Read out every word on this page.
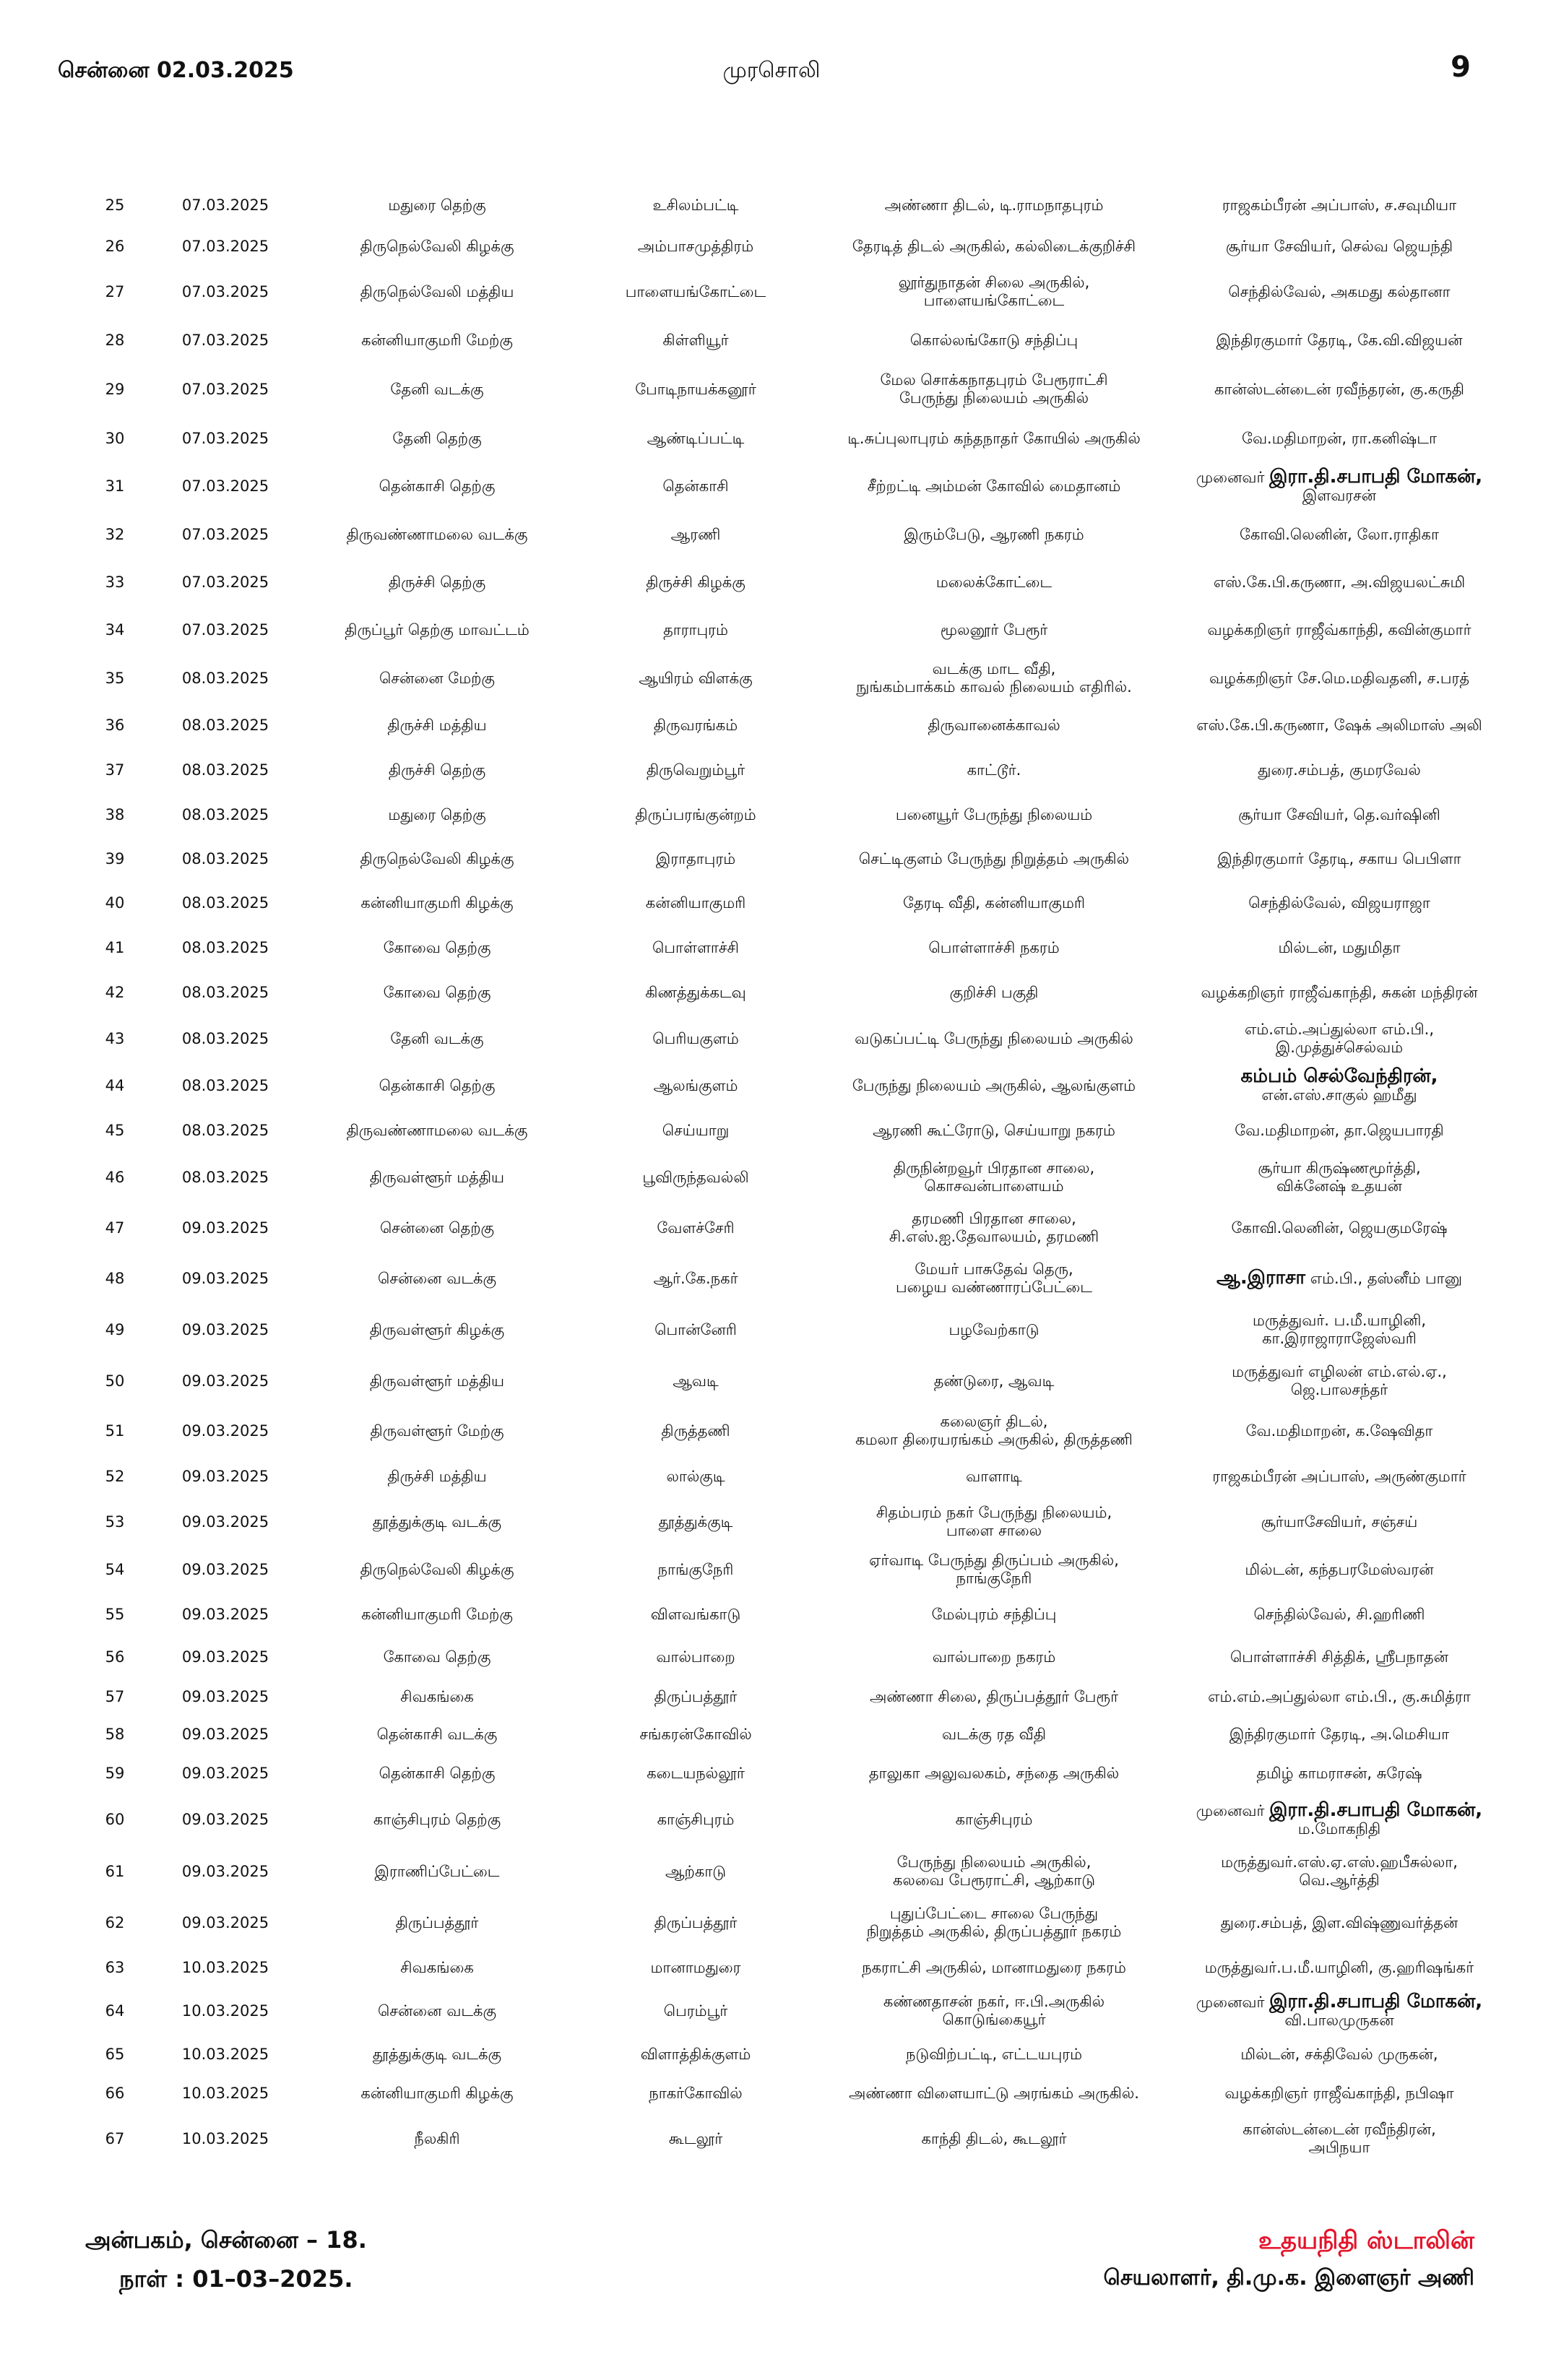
சென்னை 02.03.2025	முரசொலி	9
25	07.03.2025	மதுரை தெற்கு	உசிலம்பட்டி	அண்ணா திடல், டி.ராமநாதபுரம்	ராஜகம்பீரன் அப்பாஸ், ச.சவுமியா

26	07.03.2025	திருநெல்வேலி கிழக்கு	அம்பாசமுத்திரம்	தேரடித் திடல் அருகில், கல்லிடைக்குறிச்சி	சூர்யா சேவியர், செல்வ ஜெயந்தி

27	07.03.2025	திருநெல்வேலி மத்திய	பாளையங்கோட்டை	லூர்துநாதன் சிலை அருகில்,
பாளையங்கோட்டை	செந்தில்வேல், அகமது கல்தானா

28	07.03.2025	கன்னியாகுமரி மேற்கு	கிள்ளியூர்	கொல்லங்கோடு சந்திப்பு	இந்திரகுமார் தேரடி, கே.வி.விஜயன்

29	07.03.2025	தேனி வடக்கு	போடிநாயக்கனூர்	மேல சொக்கநாதபுரம் பேரூராட்சி
பேருந்து நிலையம் அருகில்	கான்ஸ்டன்டைன் ரவீந்தரன், கு.கருதி

30	07.03.2025	தேனி தெற்கு	ஆண்டிப்பட்டி	டி.சுப்புலாபுரம் கந்தநாதர் கோயில் அருகில்	வே.மதிமாறன், ரா.கனிஷ்டா

31	07.03.2025	தென்காசி தெற்கு	தென்காசி	சீற்றட்டி அம்மன் கோவில் மைதானம்	முனைவர் இரா.தி.சபாபதி மோகன்,
இளவரசன்

32	07.03.2025	திருவண்ணாமலை வடக்கு	ஆரணி	இரும்பேடு, ஆரணி நகரம்	கோவி.லெனின், லோ.ராதிகா

33	07.03.2025	திருச்சி தெற்கு	திருச்சி கிழக்கு	மலைக்கோட்டை	எஸ்.கே.பி.கருணா, அ.விஜயலட்சுமி

34	07.03.2025	திருப்பூர் தெற்கு மாவட்டம்	தாராபுரம்	மூலனூர் பேரூர்	வழக்கறிஞர் ராஜீவ்காந்தி, கவின்குமார்

35	08.03.2025	சென்னை மேற்கு	ஆயிரம் விளக்கு	வடக்கு மாட வீதி,
நுங்கம்பாக்கம் காவல் நிலையம் எதிரில்.	வழக்கறிஞர் சே.மெ.மதிவதனி, ச.பரத்

36	08.03.2025	திருச்சி மத்திய	திருவரங்கம்	திருவானைக்காவல்	எஸ்.கே.பி.கருணா, ஷேக் அலிமாஸ் அலி

37	08.03.2025	திருச்சி தெற்கு	திருவெறும்பூர்	காட்டூர்.	துரை.சம்பத், குமரவேல்

38	08.03.2025	மதுரை தெற்கு	திருப்பரங்குன்றம்	பனையூர் பேருந்து நிலையம்	சூர்யா சேவியர், தெ.வர்ஷினி

39	08.03.2025	திருநெல்வேலி கிழக்கு	இராதாபுரம்	செட்டிகுளம் பேருந்து நிறுத்தம் அருகில்	இந்திரகுமார் தேரடி, சகாய பெபிளா

40	08.03.2025	கன்னியாகுமரி கிழக்கு	கன்னியாகுமரி	தேரடி வீதி, கன்னியாகுமரி	செந்தில்வேல், விஜயராஜா

41	08.03.2025	கோவை தெற்கு	பொள்ளாச்சி	பொள்ளாச்சி நகரம்	மில்டன், மதுமிதா

42	08.03.2025	கோவை தெற்கு	கிணத்துக்கடவு	குறிச்சி பகுதி	வழக்கறிஞர் ராஜீவ்காந்தி, சுகன் மந்திரன்

43	08.03.2025	தேனி வடக்கு	பெரியகுளம்	வடுகப்பட்டி பேருந்து நிலையம் அருகில்	எம்.எம்.அப்துல்லா எம்.பி.,
இ.முத்துச்செல்வம்

44	08.03.2025	தென்காசி தெற்கு	ஆலங்குளம்	பேருந்து நிலையம் அருகில், ஆலங்குளம்	கம்பம் செல்வேந்திரன்,
என்.எஸ்.சாகுல் ஹமீது

45	08.03.2025	திருவண்ணாமலை வடக்கு	செய்யாறு	ஆரணி கூட்ரோடு, செய்யாறு நகரம்	வே.மதிமாறன், தா.ஜெயபாரதி

46	08.03.2025	திருவள்ளூர் மத்திய	பூவிருந்தவல்லி	திருநின்றவூர் பிரதான சாலை,
கொசவன்பாளையம்	சூர்யா கிருஷ்ணமூர்த்தி,
விக்னேஷ் உதயன்

47	09.03.2025	சென்னை தெற்கு	வேளச்சேரி	தரமணி பிரதான சாலை,
சி.எஸ்.ஐ.தேவாலயம், தரமணி	கோவி.லெனின், ஜெயகுமரேஷ்

48	09.03.2025	சென்னை வடக்கு	ஆர்.கே.நகர்	மேயர் பாசுதேவ் தெரு,
பழைய வண்ணாரப்பேட்டை	ஆ.இராசா எம்.பி., தஸ்னீம் பானு

49	09.03.2025	திருவள்ளூர் கிழக்கு	பொன்னேரி	பழவேற்காடு	மருத்துவர். ப.மீ.யாழினி,
கா.இராஜாராஜேஸ்வரி

50	09.03.2025	திருவள்ளூர் மத்திய	ஆவடி	தண்டுரை, ஆவடி	மருத்துவர் எழிலன் எம்.எல்.ஏ.,
ஜெ.பாலசந்தர்

51	09.03.2025	திருவள்ளூர் மேற்கு	திருத்தணி	கலைஞர் திடல்,
கமலா திரையரங்கம் அருகில், திருத்தணி	வே.மதிமாறன், க.ஷேவிதா

52	09.03.2025	திருச்சி மத்திய	லால்குடி	வாளாடி	ராஜகம்பீரன் அப்பாஸ், அருண்குமார்

53	09.03.2025	தூத்துக்குடி வடக்கு	தூத்துக்குடி	சிதம்பரம் நகர் பேருந்து நிலையம்,
பாளை சாலை	சூர்யாசேவியர், சஞ்சய்

54	09.03.2025	திருநெல்வேலி கிழக்கு	நாங்குநேரி	ஏர்வாடி பேருந்து திருப்பம் அருகில்,
நாங்குநேரி	மில்டன், கந்தபரமேஸ்வரன்

55	09.03.2025	கன்னியாகுமரி மேற்கு	விளவங்காடு	மேல்புரம் சந்திப்பு	செந்தில்வேல், சி.ஹரிணி

56	09.03.2025	கோவை தெற்கு	வால்பாறை	வால்பாறை நகரம்	பொள்ளாச்சி சித்திக், ஸ்ரீபநாதன்

57	09.03.2025	சிவகங்கை	திருப்பத்தூர்	அண்ணா சிலை, திருப்பத்தூர் பேரூர்	எம்.எம்.அப்துல்லா எம்.பி., கு.சுமித்ரா

58	09.03.2025	தென்காசி வடக்கு	சங்கரன்கோவில்	வடக்கு ரத வீதி	இந்திரகுமார் தேரடி, அ.மெசியா

59	09.03.2025	தென்காசி தெற்கு	கடையநல்லூர்	தாலுகா அலுவலகம், சந்தை அருகில்	தமிழ் காமராசன், சுரேஷ்

60	09.03.2025	காஞ்சிபுரம் தெற்கு	காஞ்சிபுரம்	காஞ்சிபுரம்	முனைவர் இரா.தி.சபாபதி மோகன்,
ம.மோகநிதி

61	09.03.2025	இராணிப்பேட்டை	ஆற்காடு	பேருந்து நிலையம் அருகில்,
கலவை பேரூராட்சி, ஆற்காடு	மருத்துவர்.எஸ்.ஏ.எஸ்.ஹபீசுல்லா,
வெ.ஆர்த்தி

62	09.03.2025	திருப்பத்தூர்	திருப்பத்தூர்	புதுப்பேட்டை சாலை பேருந்து
நிறுத்தம் அருகில், திருப்பத்தூர் நகரம்	துரை.சம்பத், இள.விஷ்ணுவர்த்தன்

63	10.03.2025	சிவகங்கை	மானாமதுரை	நகராட்சி அருகில், மானாமதுரை நகரம்	மருத்துவர்.ப.மீ.யாழினி, கு.ஹரிஷங்கர்

64	10.03.2025	சென்னை வடக்கு	பெரம்பூர்	கண்ணதாசன் நகர், ஈ.பி.அருகில்
கொடுங்கையூர்	முனைவர் இரா.தி.சபாபதி மோகன்,
வி.பாலமுருகன்

65	10.03.2025	தூத்துக்குடி வடக்கு	விளாத்திக்குளம்	நடுவிற்பட்டி, எட்டயபுரம்	மில்டன், சக்திவேல் முருகன்,

66	10.03.2025	கன்னியாகுமரி கிழக்கு	நாகர்கோவில்	அண்ணா விளையாட்டு அரங்கம் அருகில்.	வழக்கறிஞர் ராஜீவ்காந்தி, நபிஷா

67	10.03.2025	நீலகிரி	கூடலூர்	காந்தி திடல், கூடலூர்	கான்ஸ்டன்டைன் ரவீந்திரன்,
அபிநயா
அன்பகம், சென்னை – 18.
நாள் : 01–03–2025.
உதயநிதி ஸ்டாலின்
செயலாளர், தி.மு.க. இளைஞர் அணி
